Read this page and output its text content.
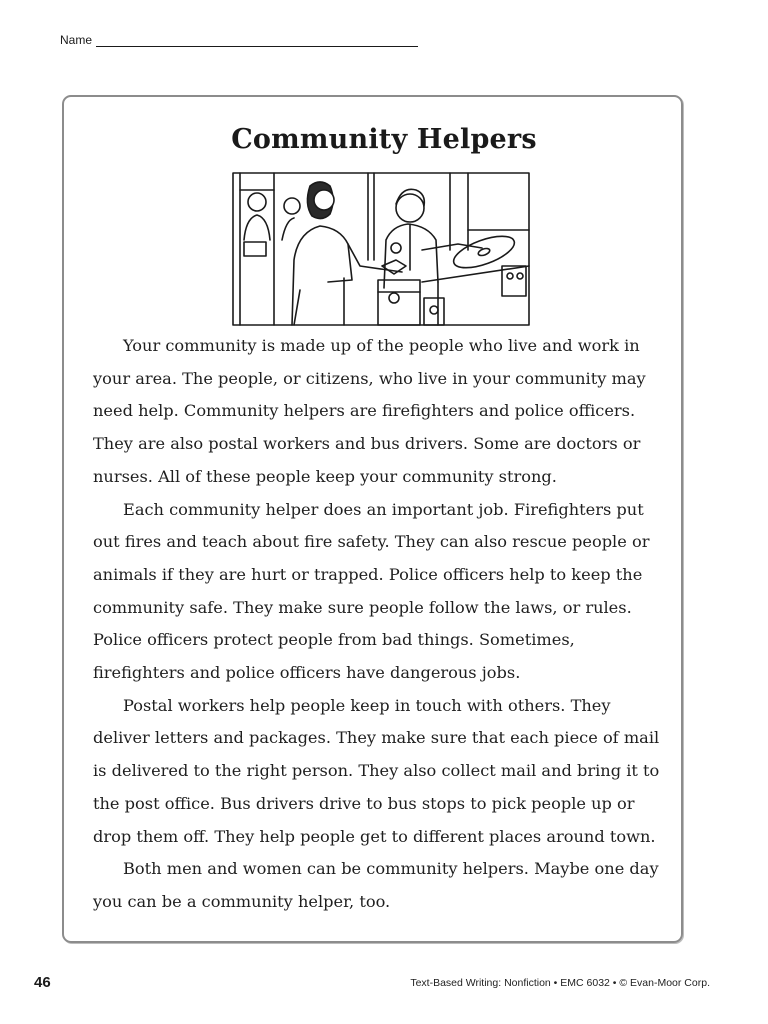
Name
Community Helpers

Your community is made up of the people who live and work in your area. The people, or citizens, who live in your community may need help. Community helpers are firefighters and police officers. They are also postal workers and bus drivers. Some are doctors or nurses. All of these people keep your community strong.

Each community helper does an important job. Firefighters put out fires and teach about fire safety. They can also rescue people or animals if they are hurt or trapped. Police officers help to keep the community safe. They make sure people follow the laws, or rules. Police officers protect people from bad things. Sometimes, firefighters and police officers have dangerous jobs.

Postal workers help people keep in touch with others. They deliver letters and packages. They make sure that each piece of mail is delivered to the right person. They also collect mail and bring it to the post office. Bus drivers drive to bus stops to pick people up or drop them off. They help people get to different places around town.

Both men and women can be community helpers. Maybe one day you can be a community helper, too.

46	Text-Based Writing: Nonfiction • EMC 6032 • © Evan-Moor Corp.
